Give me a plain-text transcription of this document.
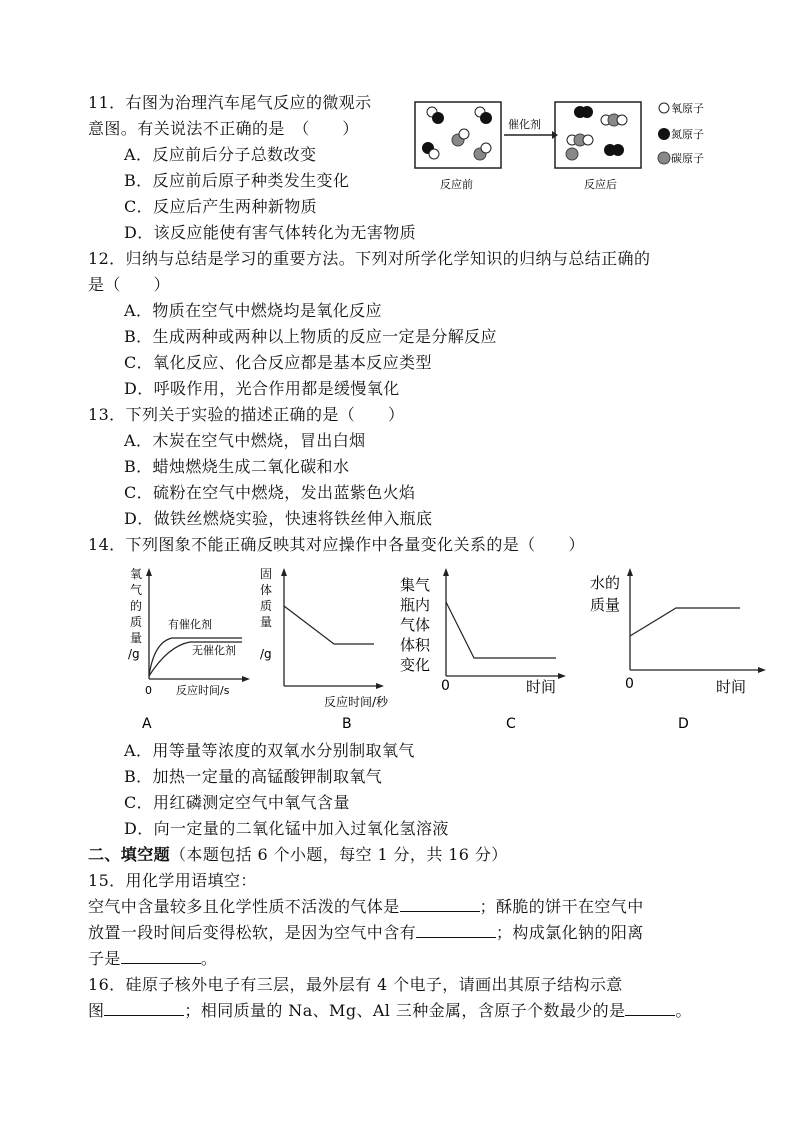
11．右图为治理汽车尾气反应的微观示
意图。有关说法不正确的是　（　　）
A．反应前后分子总数改变
B．反应前后原子种类发生变化
C．反应后产生两种新物质
D．该反应能使有害气体转化为无害物质
反应前
催化剂
反应后
氧原子
氮原子
碳原子
12．归纳与总结是学习的重要方法。下列对所学化学知识的归纳与总结正确的
是（　　）
A．物质在空气中燃烧均是氧化反应
B．生成两种或两种以上物质的反应一定是分解反应
C．氧化反应、化合反应都是基本反应类型
D．呼吸作用，光合作用都是缓慢氧化
13．下列关于实验的描述正确的是（　　）
A．木炭在空气中燃烧，冒出白烟
B．蜡烛燃烧生成二氧化碳和水
C．硫粉在空气中燃烧，发出蓝紫色火焰
D．做铁丝燃烧实验，快速将铁丝伸入瓶底
14．下列图象不能正确反映其对应操作中各量变化关系的是（　　）
氧
气
的
质
量
/g
有催化剂
无催化剂
0 反应时间/s
A
固
体
质
量
/g
反应时间/秒
B
集气
瓶内
气体
体积
变化
0	时间
C
水的
质量
0	时间
D
A．用等量等浓度的双氧水分别制取氧气
B．加热一定量的高锰酸钾制取氧气
C．用红磷测定空气中氧气含量
D．向一定量的二氧化锰中加入过氧化氢溶液
二、填空题（本题包括 6 个小题，每空 1 分，共 16 分）
15．用化学用语填空：
空气中含量较多且化学性质不活泼的气体是	；酥脆的饼干在空气中
放置一段时间后变得松软，是因为空气中含有	；构成氯化钠的阳离
子是	。
16．硅原子核外电子有三层，最外层有 4 个电子，请画出其原子结构示意
图	；相同质量的 Na、Mg、Al 三种金属，含原子个数最少的是	。
